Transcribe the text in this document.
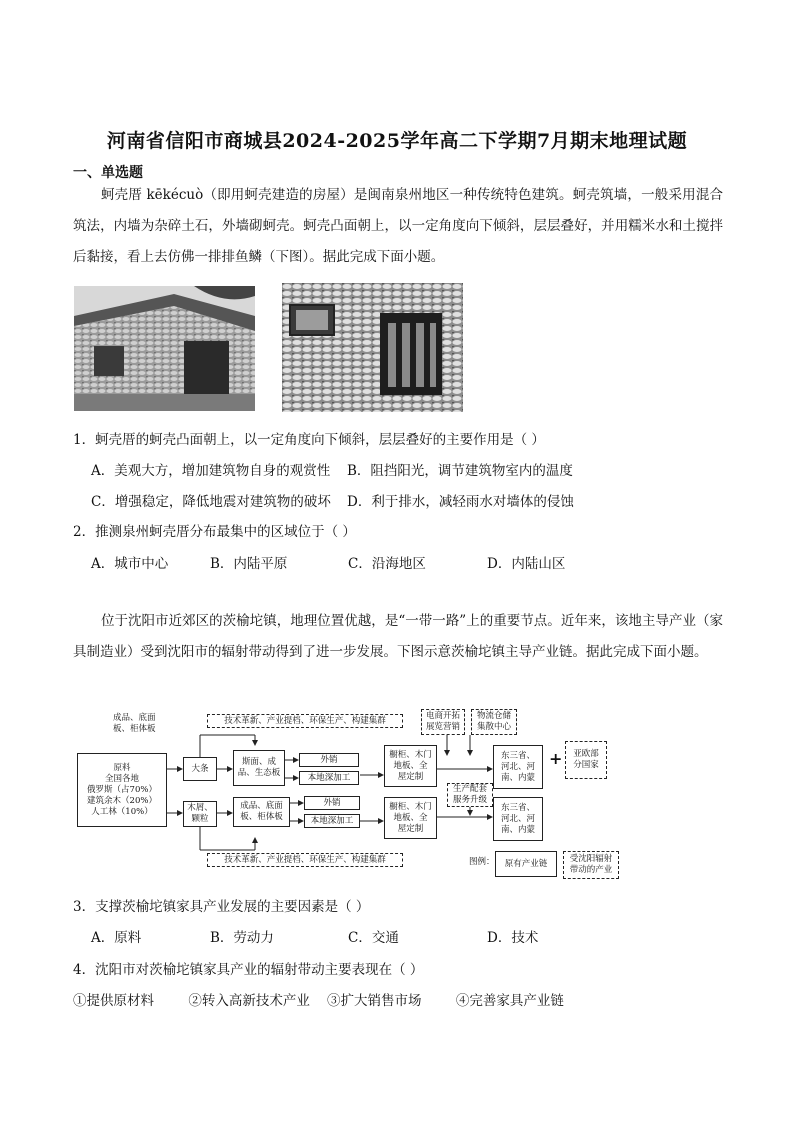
河南省信阳市商城县2024-2025学年高二下学期7月期末地理试题
一、单选题

蚵壳厝 kēkécuò（即用蚵壳建造的房屋）是闽南泉州地区一种传统特色建筑。蚵壳筑墙，一般采用混合筑法，内墙为杂碎土石，外墙砌蚵壳。蚵壳凸面朝上，以一定角度向下倾斜，层层叠好，并用糯米水和土搅拌后黏接，看上去仿佛一排排鱼鳞（下图）。据此完成下面小题。

1．蚵壳厝的蚵壳凸面朝上，以一定角度向下倾斜，层层叠好的主要作用是（ ）
A．美观大方，增加建筑物自身的观赏性 B．阻挡阳光，调节建筑物室内的温度
C．增强稳定，降低地震对建筑物的破坏 D．利于排水，减轻雨水对墙体的侵蚀
2．推测泉州蚵壳厝分布最集中的区域位于（ ）
A．城市中心	B．内陆平原	C．沿海地区	D．内陆山区

位于沈阳市近郊区的茨榆坨镇，地理位置优越，是“一带一路”上的重要节点。近年来，该地主导产业（家具制造业）受到沈阳市的辐射带动得到了进一步发展。下图示意茨榆坨镇主导产业链。据此完成下面小题。

成品、底面
板、柜体板
技术革新、产业提档、环保生产、构建集群
原料
全国各地
俄罗斯（占70%）
建筑余木（20%）
人工林（10%）
大条
木屑、
颗粒
斯面、成
品、生态板
成品、底面
板、柜体板
外销
本地深加工
外销
本地深加工
橱柜、木门
地板、全
屋定制
橱柜、木门
地板、全
屋定制
电商开拓
展览营销
物流仓储
集散中心
生产配套
服务升级
东三省、
河北、河
南、内蒙
东三省、
河北、河
南、内蒙
+	亚欧部
分国家
技术革新、产业提档、环保生产、构建集群	图例：	原有产业链	受沈阳辐射
带动的产业
3．支撑茨榆坨镇家具产业发展的主要因素是（ ）
A．原料	B．劳动力	C．交通	D．技术
4．沈阳市对茨榆坨镇家具产业的辐射带动主要表现在（ ）
①提供原材料        ②转入高新技术产业    ③扩大销售市场        ④完善家具产业链
